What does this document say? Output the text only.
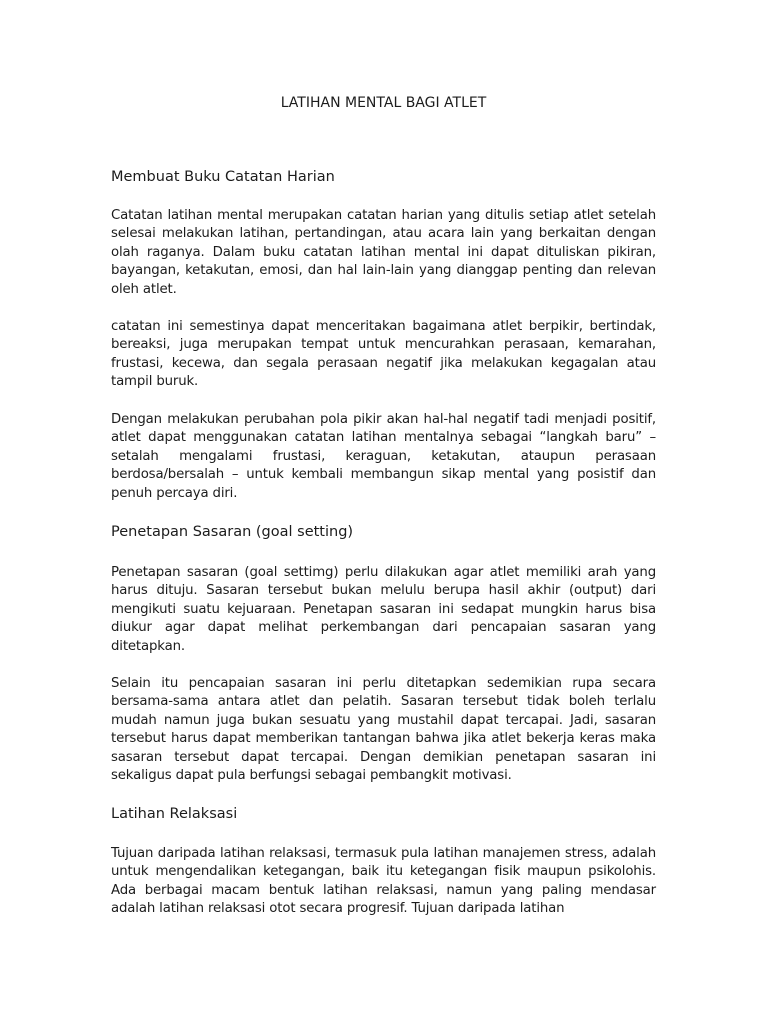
LATIHAN MENTAL BAGI ATLET
Membuat Buku Catatan Harian

Catatan latihan mental merupakan catatan harian yang ditulis setiap atlet setelah selesai melakukan latihan, pertandingan, atau acara lain yang berkaitan dengan olah raganya. Dalam buku catatan latihan mental ini dapat dituliskan pikiran, bayangan, ketakutan, emosi, dan hal lain-lain yang dianggap penting dan relevan oleh atlet.

catatan ini semestinya dapat menceritakan bagaimana atlet berpikir, bertindak, bereaksi, juga merupakan tempat untuk mencurahkan perasaan, kemarahan, frustasi, kecewa, dan segala perasaan negatif jika melakukan kegagalan atau tampil buruk.

Dengan melakukan perubahan pola pikir akan hal-hal negatif tadi menjadi positif, atlet dapat menggunakan catatan latihan mentalnya sebagai “langkah baru” – setalah mengalami frustasi, keraguan, ketakutan, ataupun perasaan berdosa/bersalah – untuk kembali membangun sikap mental yang posistif dan penuh percaya diri.

Penetapan Sasaran (goal setting)

Penetapan sasaran (goal settimg) perlu dilakukan agar atlet memiliki arah yang harus dituju. Sasaran tersebut bukan melulu berupa hasil akhir (output) dari mengikuti suatu kejuaraan. Penetapan sasaran ini sedapat mungkin harus bisa diukur agar dapat melihat perkembangan dari pencapaian sasaran yang ditetapkan.

Selain itu pencapaian sasaran ini perlu ditetapkan sedemikian rupa secara bersama-sama antara atlet dan pelatih. Sasaran tersebut tidak boleh terlalu mudah namun juga bukan sesuatu yang mustahil dapat tercapai. Jadi, sasaran tersebut harus dapat memberikan tantangan bahwa jika atlet bekerja keras maka sasaran tersebut dapat tercapai. Dengan demikian penetapan sasaran ini sekaligus dapat pula berfungsi sebagai pembangkit motivasi.

Latihan Relaksasi

Tujuan daripada latihan relaksasi, termasuk pula latihan manajemen stress, adalah untuk mengendalikan ketegangan, baik itu ketegangan fisik maupun psikolohis. Ada berbagai macam bentuk latihan relaksasi, namun yang paling mendasar adalah latihan relaksasi otot secara progresif. Tujuan daripada latihan
